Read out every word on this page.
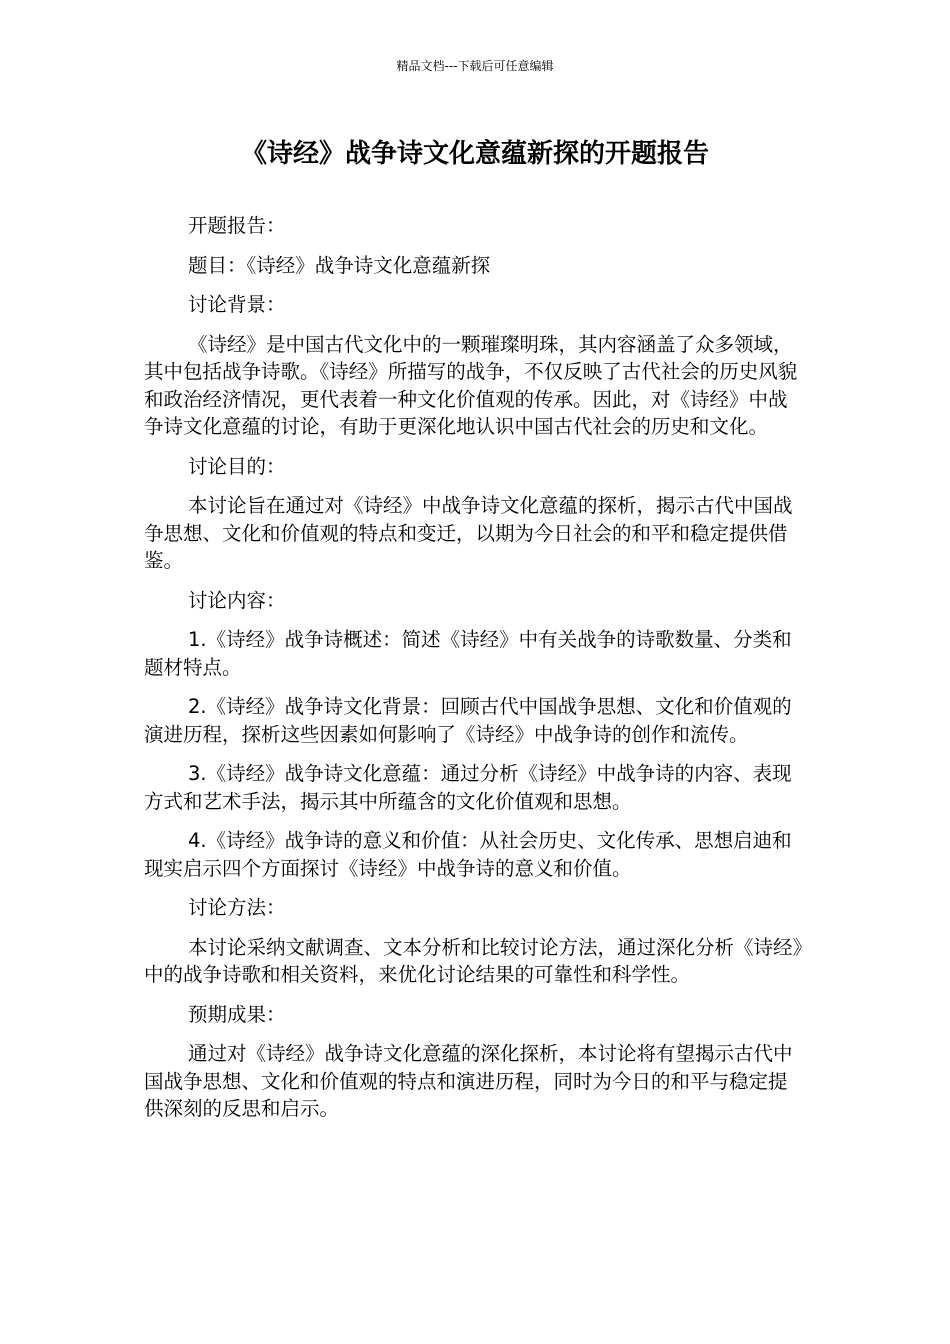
精品文档---下载后可任意编辑
《诗经》战争诗文化意蕴新探的开题报告

开题报告：

题目：《诗经》战争诗文化意蕴新探

讨论背景：

《诗经》是中国古代文化中的一颗璀璨明珠，其内容涵盖了众多领域，其中包括战争诗歌。《诗经》所描写的战争，不仅反映了古代社会的历史风貌和政治经济情况，更代表着一种文化价值观的传承。因此，对《诗经》中战争诗文化意蕴的讨论，有助于更深化地认识中国古代社会的历史和文化。

讨论目的：

本讨论旨在通过对《诗经》中战争诗文化意蕴的探析，揭示古代中国战争思想、文化和价值观的特点和变迁，以期为今日社会的和平和稳定提供借鉴。

讨论内容：

1.《诗经》战争诗概述：简述《诗经》中有关战争的诗歌数量、分类和题材特点。

2.《诗经》战争诗文化背景：回顾古代中国战争思想、文化和价值观的演进历程，探析这些因素如何影响了《诗经》中战争诗的创作和流传。

3.《诗经》战争诗文化意蕴：通过分析《诗经》中战争诗的内容、表现方式和艺术手法，揭示其中所蕴含的文化价值观和思想。

4.《诗经》战争诗的意义和价值：从社会历史、文化传承、思想启迪和现实启示四个方面探讨《诗经》中战争诗的意义和价值。

讨论方法：

本讨论采纳文献调查、文本分析和比较讨论方法，通过深化分析《诗经》中的战争诗歌和相关资料，来优化讨论结果的可靠性和科学性。

预期成果：

通过对《诗经》战争诗文化意蕴的深化探析，本讨论将有望揭示古代中国战争思想、文化和价值观的特点和演进历程，同时为今日的和平与稳定提供深刻的反思和启示。
